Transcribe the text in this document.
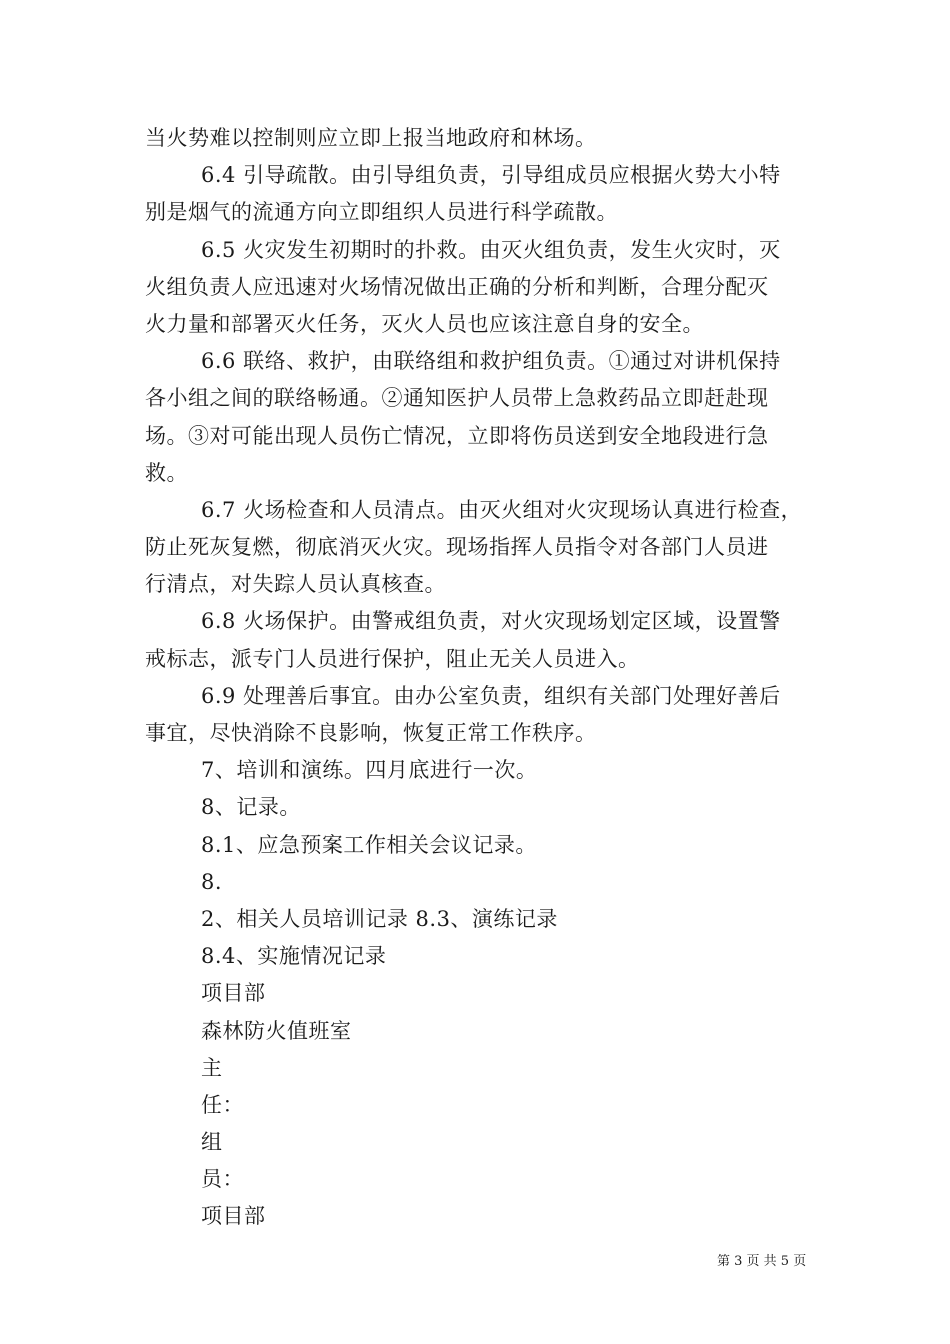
当火势难以控制则应立即上报当地政府和林场。
6.4 引导疏散。由引导组负责，引导组成员应根据火势大小特
别是烟气的流通方向立即组织人员进行科学疏散。
6.5 火灾发生初期时的扑救。由灭火组负责，发生火灾时，灭
火组负责人应迅速对火场情况做出正确的分析和判断，合理分配灭
火力量和部署灭火任务，灭火人员也应该注意自身的安全。
6.6 联络、救护，由联络组和救护组负责。①通过对讲机保持
各小组之间的联络畅通。②通知医护人员带上急救药品立即赶赴现
场。③对可能出现人员伤亡情况，立即将伤员送到安全地段进行急
救。
6.7 火场检查和人员清点。由灭火组对火灾现场认真进行检查，
防止死灰复燃，彻底消灭火灾。现场指挥人员指令对各部门人员进
行清点，对失踪人员认真核查。
6.8 火场保护。由警戒组负责，对火灾现场划定区域，设置警
戒标志，派专门人员进行保护，阻止无关人员进入。
6.9 处理善后事宜。由办公室负责，组织有关部门处理好善后
事宜，尽快消除不良影响，恢复正常工作秩序。
7、培训和演练。四月底进行一次。
8、记录。
8.1、应急预案工作相关会议记录。
8.
2、相关人员培训记录 8.3、演练记录
8.4、实施情况记录
项目部
森林防火值班室
主
任：
组
员：
项目部
第 3 页 共 5 页
